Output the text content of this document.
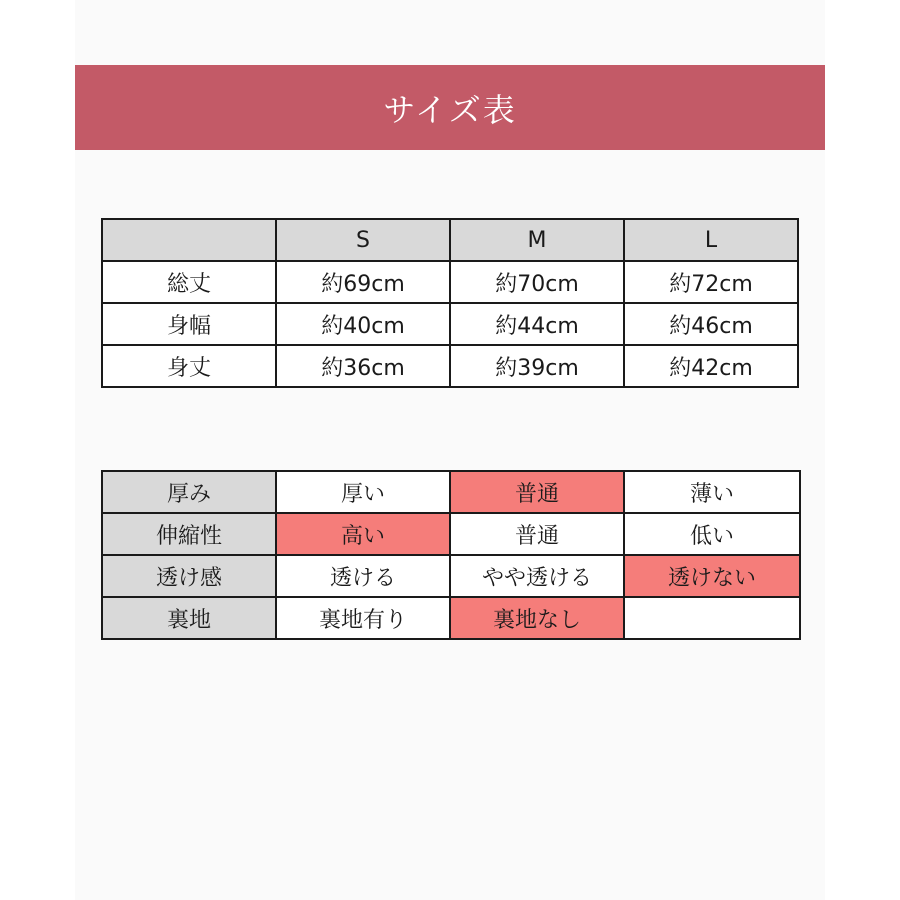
サイズ表
	S	M	L
総丈	約69cm	約70cm	約72cm
身幅	約40cm	約44cm	約46cm
身丈	約36cm	約39cm	約42cm
厚み	厚い	普通	薄い
伸縮性	高い	普通	低い
透け感	透ける	やや透ける	透けない
裏地	裏地有り	裏地なし	
